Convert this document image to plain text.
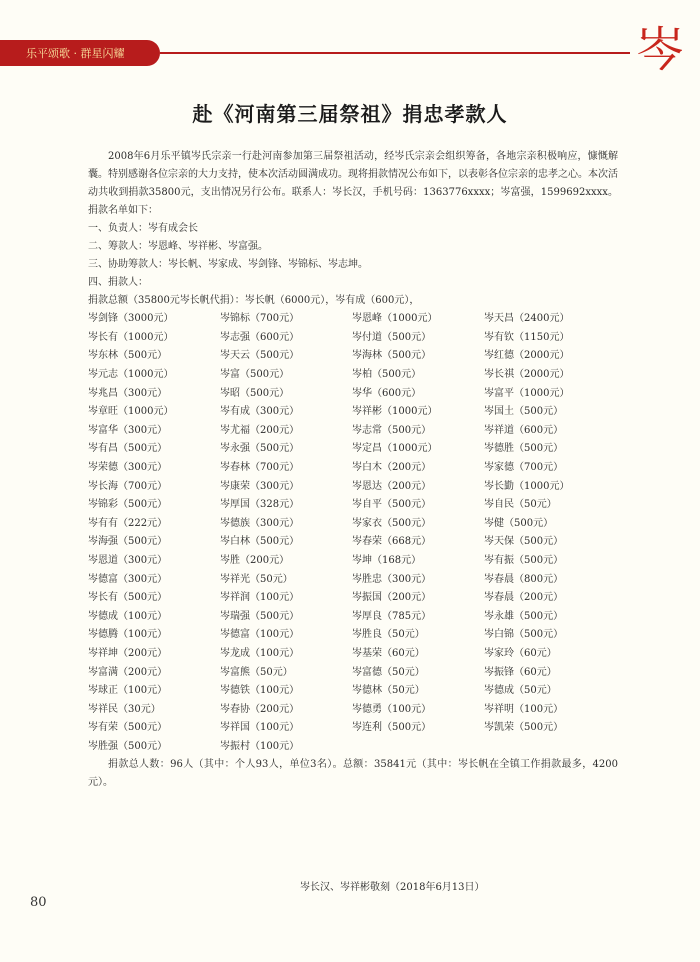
乐平颂歌 · 群星闪耀	岑
赴《河南第三届祭祖》捐忠孝款人

2008年6月乐平镇岑氏宗亲一行赴河南参加第三届祭祖活动，经岑氏宗亲会组织筹备，各地宗亲积极响应，慷慨解囊。特别感谢各位宗亲的大力支持，使本次活动圆满成功。现将捐款情况公布如下，以表彰各位宗亲的忠孝之心。本次活动共收到捐款35800元，支出情况另行公布。联系人：岑长汉，手机号码：1363776xxxx；岑富强，1599692xxxx。捐款名单如下：

一、负责人：岑有成会长

二、筹款人：岑恩峰、岑祥彬、岑富强。

三、协助筹款人：岑长帆、岑家成、岑剑锋、岑锦标、岑志坤。

四、捐款人：

捐款总额（35800元岑长帆代捐）：岑长帆（6000元），岑有成（600元），

岑剑锋（3000元）	岑锦标（700元）	岑恩峰（1000元）	岑天昌（2400元）
岑长有（1000元）	岑志强（600元）	岑付道（500元）	岑有钦（1150元）
岑东林（500元）	岑天云（500元）	岑海林（500元）	岑红德（2000元）
岑元志（1000元）	岑富（500元）	岑柏（500元）	岑长祺（2000元）
岑兆昌（300元）	岑昭（500元）	岑华（600元）	岑富平（1000元）
岑章旺（1000元）	岑有成（300元）	岑祥彬（1000元）	岑国土（500元）
岑富华（300元）	岑尤福（200元）	岑志常（500元）	岑祥道（600元）
岑有昌（500元）	岑永强（500元）	岑定昌（1000元）	岑德胜（500元）
岑荣德（300元）	岑春林（700元）	岑白木（200元）	岑家德（700元）
岑长海（700元）	岑康荣（300元）	岑恩达（200元）	岑长勤（1000元）
岑锦彩（500元）	岑厚国（328元）	岑自平（500元）	岑自民（50元）
岑有有（222元）	岑德族（300元）	岑家衣（500元）	岑健（500元）
岑海强（500元）	岑白林（500元）	岑春荣（668元）	岑天保（500元）
岑恩道（300元）	岑胜（200元）	岑坤（168元）	岑有振（500元）
岑德富（300元）	岑祥光（50元）	岑胜忠（300元）	岑春晨（800元）
岑长有（500元）	岑祥润（100元）	岑振国（200元）	岑春晨（200元）
岑德成（100元）	岑瑞强（500元）	岑厚良（785元）	岑永雄（500元）
岑德腾（100元）	岑德富（100元）	岑胜良（50元）	岑白锦（500元）
岑祥坤（200元）	岑龙成（100元）	岑基荣（60元）	岑家玲（60元）
岑富满（200元）	岑富熊（50元）	岑富德（50元）	岑振锋（60元）
岑球正（100元）	岑德铁（100元）	岑德林（50元）	岑德成（50元）
岑祥民（30元）	岑春协（200元）	岑德勇（100元）	岑祥明（100元）
岑有荣（500元）	岑祥国（100元）	岑连利（500元）	岑凯荣（500元）
岑胜强（500元）	岑振村（100元）

捐款总人数：96人（其中：个人93人，单位3名）。总额：35841元（其中：岑长帆在全镇工作捐款最多，4200元）。

岑长汉、岑祥彬敬刻（2018年6月13日）
80
